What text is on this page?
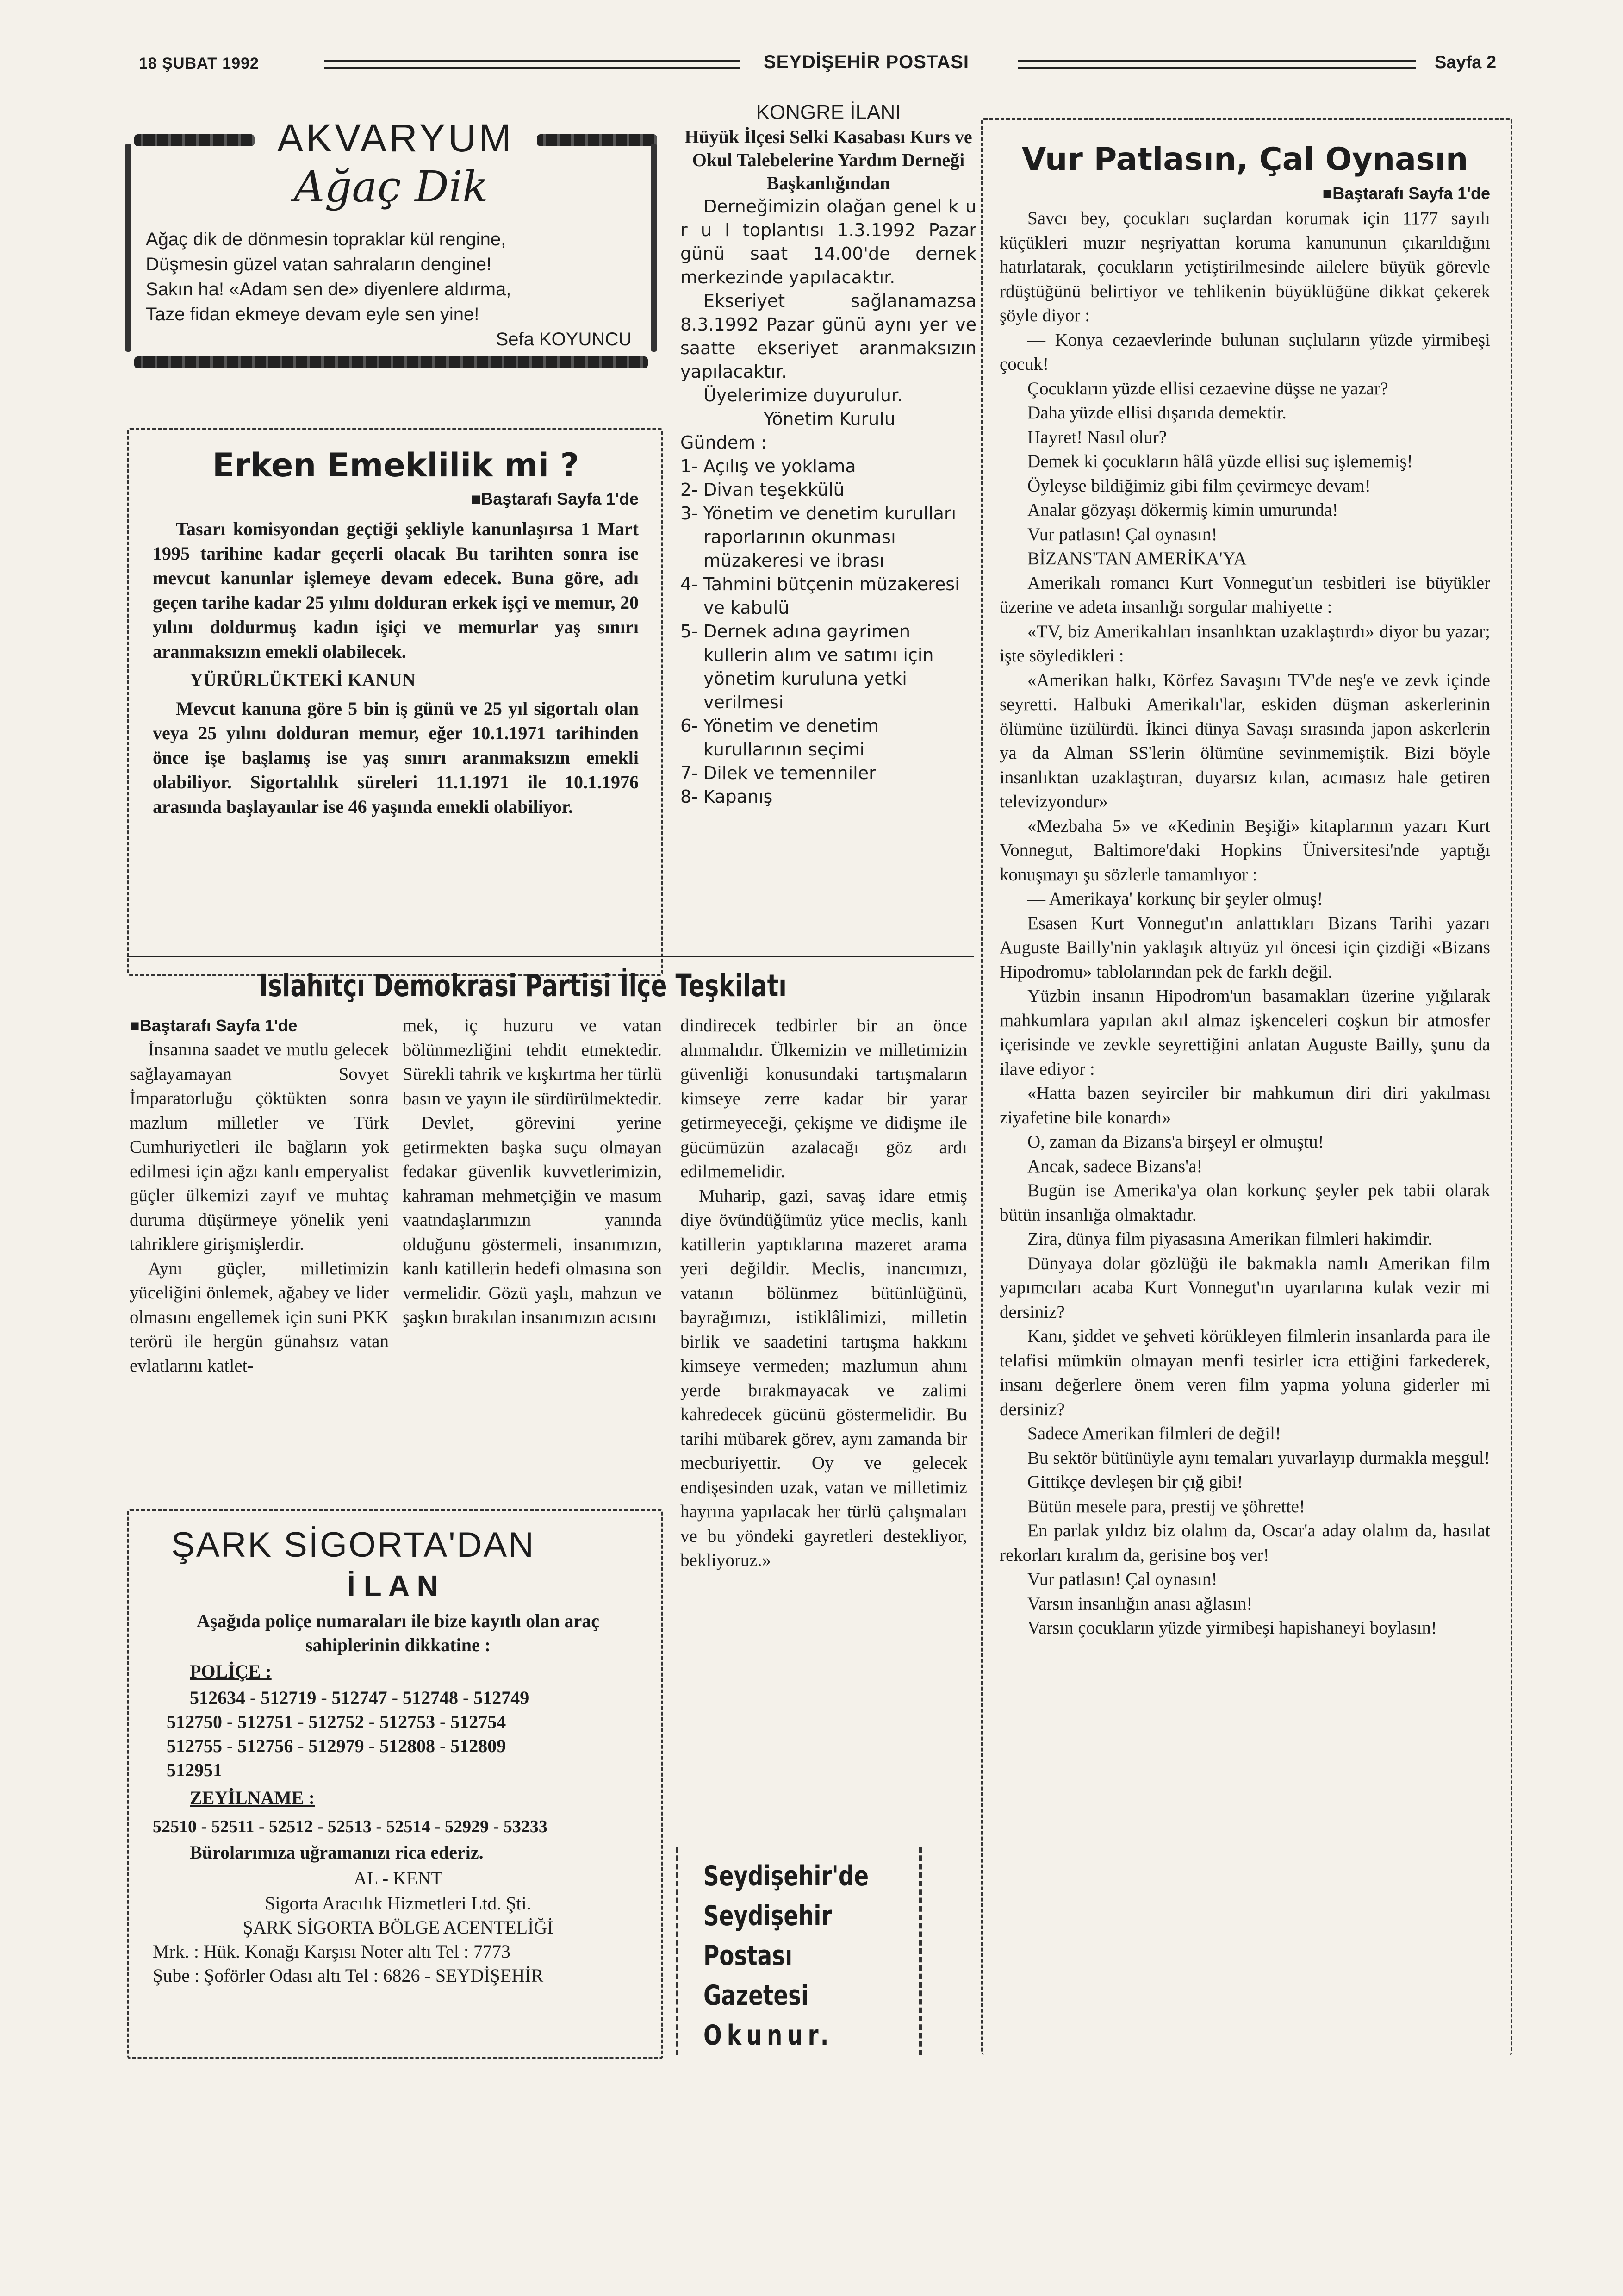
18 ŞUBAT 1992	SEYDİŞEHİR POSTASI	Sayfa 2
AKVARYUM
Ağaç Dik

Ağaç dik de dönmesin topraklar kül rengine,

Düşmesin güzel vatan sahraların dengine!

Sakın ha! «Adam sen de» diyenlere aldırma,

Taze fidan ekmeye devam eyle sen yine!

Sefa KOYUNCU

Erken Emeklilik mi ?
■Baştarafı Sayfa 1'de

Tasarı komisyondan geçtiği şekliyle kanunlaşırsa 1 Mart 1995 tarihine kadar geçerli olacak Bu tarihten sonra ise mevcut kanunlar işlemeye devam edecek. Buna göre, adı geçen tarihe kadar 25 yılını dolduran erkek işçi ve memur, 20 yılını doldurmuş kadın işiçi ve memurlar yaş sınırı aranmaksızın emekli olabilecek.

YÜRÜRLÜKTEKİ KANUN

Mevcut kanuna göre 5 bin iş günü ve 25 yıl sigortalı olan veya 25 yılını dolduran memur, eğer 10.1.1971 tarihinden önce işe başlamış ise yaş sınırı aranmaksızın emekli olabiliyor. Sigortalılık süreleri 11.1.1971 ile 10.1.1976 arasında başlayanlar ise 46 yaşında emekli olabiliyor.

KONGRE İLANI
Hüyük İlçesi Selki Kasabası Kurs ve Okul Talebelerine Yardım Derneği Başkanlığından

Derneğimizin olağan genel k u r u l toplantısı 1.3.1992 Pazar günü saat 14.00'de dernek merkezinde yapılacaktır.

Ekseriyet sağlanamazsa 8.3.1992 Pazar günü aynı yer ve saatte ekseriyet aranmaksızın yapılacaktır.

Üyelerimize duyurulur.

Yönetim Kurulu

Gündem :

1- Açılış ve yoklama

2- Divan teşekkülü

3- Yönetim ve denetim kurulları raporlarının okunması müzakeresi ve ibrası

4- Tahmini bütçenin müzakeresi ve kabulü

5- Dernek adına gayrimen kullerin alım ve satımı için yönetim kuruluna yetki verilmesi

6- Yönetim ve denetim kurullarının seçimi

7- Dilek ve temenniler

8- Kapanış

Vur Patlasın, Çal Oynasın
■Baştarafı Sayfa 1'de

Savcı bey, çocukları suçlardan korumak için 1177 sayılı küçükleri muzır neşriyattan koruma kanununun çıkarıldığını hatırlatarak, çocukların yetiştirilmesinde ailelere büyük görevle rdüştüğünü belirtiyor ve tehlikenin büyüklüğüne dikkat çekerek şöyle diyor :

— Konya cezaevlerinde bulunan suçluların yüzde yirmibeşi çocuk!

Çocukların yüzde ellisi cezaevine düşse ne yazar?

Daha yüzde ellisi dışarıda demektir.

Hayret! Nasıl olur?

Demek ki çocukların hâlâ yüzde ellisi suç işlememiş!

Öyleyse bildiğimiz gibi film çevirmeye devam!

Analar gözyaşı dökermiş kimin umurunda!

Vur patlasın! Çal oynasın!

BİZANS'TAN AMERİKA'YA

Amerikalı romancı Kurt Vonnegut'un tesbitleri ise büyükler üzerine ve adeta insanlığı sorgular mahiyette :

«TV, biz Amerikalıları insanlıktan uzaklaştırdı» diyor bu yazar; işte söyledikleri :

«Amerikan halkı, Körfez Savaşını TV'de neş'e ve zevk içinde seyretti. Halbuki Amerikalı'lar, eskiden düşman askerlerinin ölümüne üzülürdü. İkinci dünya Savaşı sırasında japon askerlerin ya da Alman SS'lerin ölümüne sevinmemiştik. Bizi böyle insanlıktan uzaklaştıran, duyarsız kılan, acımasız hale getiren televizyondur»

«Mezbaha 5» ve «Kedinin Beşiği» kitaplarının yazarı Kurt Vonnegut, Baltimore'daki Hopkins Üniversitesi'nde yaptığı konuşmayı şu sözlerle tamamlıyor :

— Amerikaya' korkunç bir şeyler olmuş!

Esasen Kurt Vonnegut'ın anlattıkları Bizans Tarihi yazarı Auguste Bailly'nin yaklaşık altıyüz yıl öncesi için çizdiği «Bizans Hipodromu» tablolarından pek de farklı değil.

Yüzbin insanın Hipodrom'un basamakları üzerine yığılarak mahkumlara yapılan akıl almaz işkenceleri coşkun bir atmosfer içerisinde ve zevkle seyrettiğini anlatan Auguste Bailly, şunu da ilave ediyor :

«Hatta bazen seyirciler bir mahkumun diri diri yakılması ziyafetine bile konardı»

O, zaman da Bizans'a birşeyl er olmuştu!

Ancak, sadece Bizans'a!

Bugün ise Amerika'ya olan korkunç şeyler pek tabii olarak bütün insanlığa olmaktadır.

Zira, dünya film piyasasına Amerikan filmleri hakimdir.

Dünyaya dolar gözlüğü ile bakmakla namlı Amerikan film yapımcıları acaba Kurt Vonnegut'ın uyarılarına kulak vezir mi dersiniz?

Kanı, şiddet ve şehveti körükleyen filmlerin insanlarda para ile telafisi mümkün olmayan menfi tesirler icra ettiğini farkederek, insanı değerlere önem veren film yapma yoluna giderler mi dersiniz?

Sadece Amerikan filmleri de değil!

Bu sektör bütünüyle aynı temaları yuvarlayıp durmakla meşgul!

Gittikçe devleşen bir çığ gibi!

Bütün mesele para, prestij ve şöhrette!

En parlak yıldız biz olalım da, Oscar'a aday olalım da, hasılat rekorları kıralım da, gerisine boş ver!

Vur patlasın! Çal oynasın!

Varsın insanlığın anası ağlasın!

Varsın çocukların yüzde yirmibeşi hapishaneyi boylasın!

Islahıtçı Demokrasi Partisi İlçe Teşkilatı

■Baştarafı Sayfa 1'de

İnsanına saadet ve mutlu gelecek sağlayamayan Sovyet İmparatorluğu çöktükten sonra mazlum milletler ve Türk Cumhuriyetleri ile bağların yok edilmesi için ağzı kanlı emperyalist güçler ülkemizi zayıf ve muhtaç duruma düşürmeye yönelik yeni tahriklere girişmişlerdir.

Aynı güçler, milletimizin yüceliğini önlemek, ağabey ve lider olmasını engellemek için suni PKK terörü ile hergün günahsız vatan evlatlarını katlet-

mek, iç huzuru ve vatan bölünmezliğini tehdit etmektedir. Sürekli tahrik ve kışkırtma her türlü basın ve yayın ile sürdürülmektedir.

Devlet, görevini yerine getirmekten başka suçu olmayan fedakar güvenlik kuvvetlerimizin, kahraman mehmetçiğin ve masum vaatndaşlarımızın yanında olduğunu göstermeli, insanımızın, kanlı katillerin hedefi olmasına son vermelidir. Gözü yaşlı, mahzun ve şaşkın bırakılan insanımızın acısını

dindirecek tedbirler bir an önce alınmalıdır. Ülkemizin ve milletimizin güvenliği konusundaki tartışmaların kimseye zerre kadar bir yarar getirmeyeceği, çekişme ve didişme ile gücümüzün azalacağı göz ardı edilmemelidir.

Muharip, gazi, savaş idare etmiş diye övündüğümüz yüce meclis, kanlı katillerin yaptıklarına mazeret arama yeri değildir. Meclis, inancımızı, vatanın bölünmez bütünlüğünü, bayrağımızı, istiklâlimizi, milletin birlik ve saadetini tartışma hakkını kimseye vermeden; mazlumun ahını yerde bırakmayacak ve zalimi kahredecek gücünü göstermelidir. Bu tarihi mübarek görev, aynı zamanda bir mecburiyettir. Oy ve gelecek endişesinden uzak, vatan ve milletimiz hayrına yapılacak her türlü çalışmaları ve bu yöndeki gayretleri destekliyor, bekliyoruz.»

ŞARK SİGORTA'DAN
İ L A N

Aşağıda poliçe numaraları ile bize kayıtlı olan araç sahiplerinin dikkatine :

POLİÇE :

512634 - 512719 - 512747 - 512748 - 512749

512750 - 512751 - 512752 - 512753 - 512754

512755 - 512756 - 512979 - 512808 - 512809

512951

ZEYİLNAME :

52510 - 52511 - 52512 - 52513 - 52514 - 52929 - 53233

Bürolarımıza uğramanızı rica ederiz.

AL - KENT

Sigorta Aracılık Hizmetleri Ltd. Şti.

ŞARK SİGORTA BÖLGE ACENTELİĞİ

Mrk. : Hük. Konağı Karşısı Noter altı Tel : 7773

Şube : Şoförler Odası altı Tel : 6826 - SEYDİŞEHİR

Seydişehir'de
Seydişehir
Postası
Gazetesi
Okunur.
